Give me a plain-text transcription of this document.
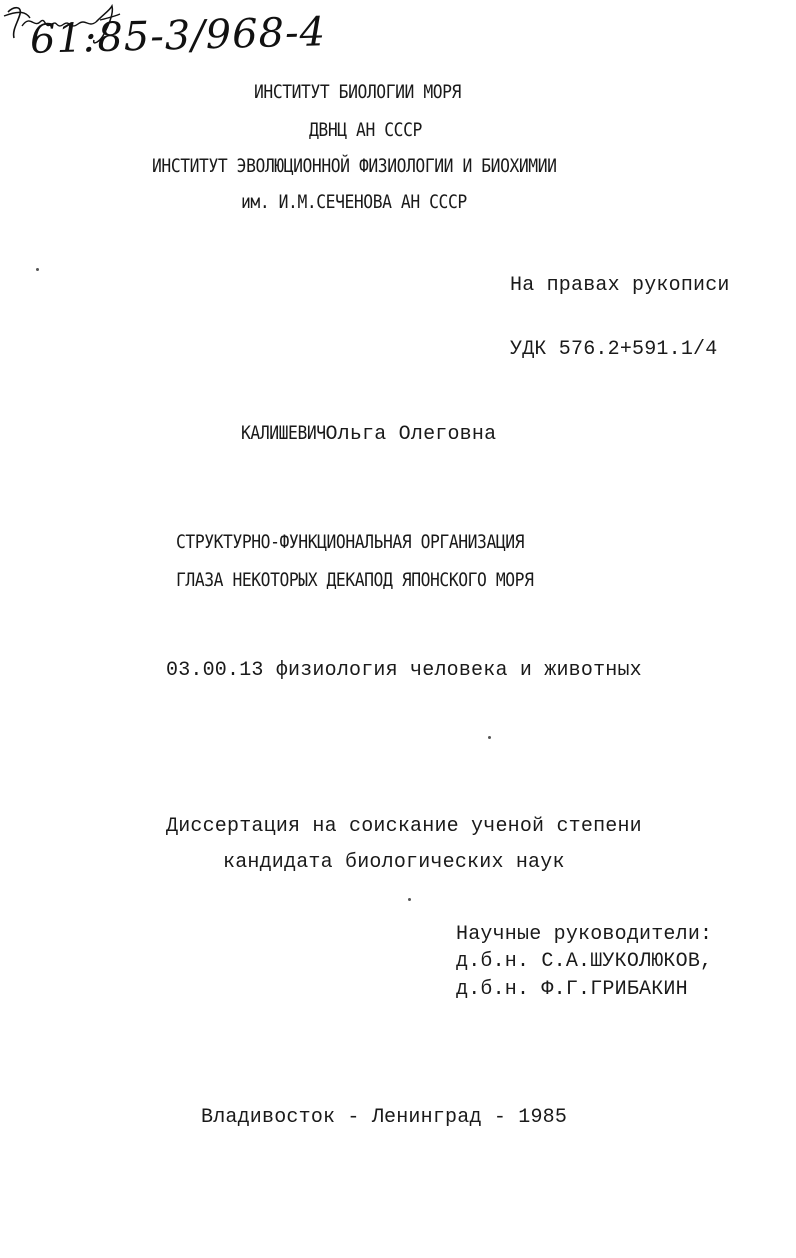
61:85-3/968-4
ИНСТИТУТ БИОЛОГИИ МОРЯ
ДВНЦ АН СССР
ИНСТИТУТ ЭВОЛЮЦИОННОЙ ФИЗИОЛОГИИ И БИОХИМИИ
им. И.М.СЕЧЕНОВА АН СССР
На правах рукописи
УДК 576.2+591.1/4
КАЛИШЕВИЧОльга Олеговна
СТРУКТУРНО-ФУНКЦИОНАЛЬНАЯ ОРГАНИЗАЦИЯ
ГЛАЗА НЕКОТОРЫХ ДЕКАПОД ЯПОНСКОГО МОРЯ
03.00.13 физиология человека и животных
Диссертация на соискание ученой степени
кандидата биологических наук
Научные руководители:
д.б.н. С.А.ШУКОЛЮКОВ,
д.б.н. Ф.Г.ГРИБАКИН
Владивосток - Ленинград - 1985
